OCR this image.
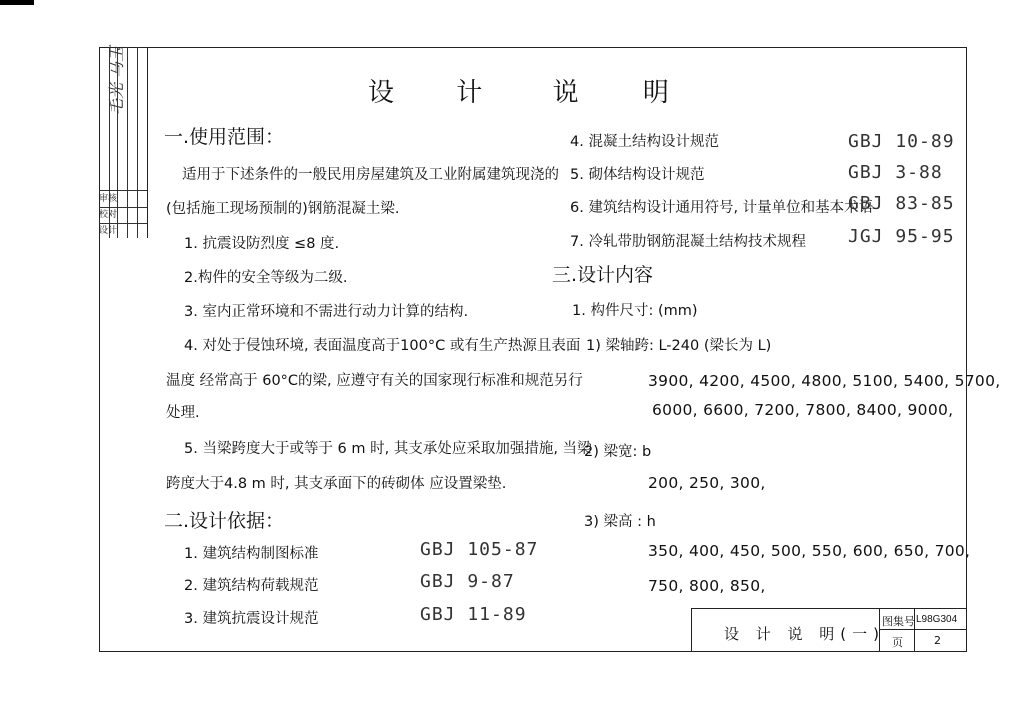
审核
校对
设计
毛光 马玉	设 计	说 明
一.使用范围：
适用于下述条件的一般民用房屋建筑及工业附属建筑现浇的
(包括施工现场预制的)钢筋混凝土梁.
1. 抗震设防烈度 ≤8 度.
2.构件的安全等级为二级.
3. 室内正常环境和不需进行动力计算的结构.
4. 对处于侵蚀环境, 表面温度高于100°C 或有生产热源且表面
温度 经常高于 60°C的梁, 应遵守有关的国家现行标准和规范另行
处理.
5. 当梁跨度大于或等于 6 m 时, 其支承处应采取加强措施, 当梁
跨度大于4.8 m 时, 其支承面下的砖砌体 应设置梁垫.
二.设计依据：
1. 建筑结构制图标准	GBJ 105-87
2. 建筑结构荷载规范	GBJ 9-87
3. 建筑抗震设计规范	GBJ 11-89
4. 混凝土结构设计规范	GBJ 10-89
5. 砌体结构设计规范	GBJ 3-88
6. 建筑结构设计通用符号, 计量单位和基本术语
GBJ 83-85
7. 冷轧带肋钢筋混凝土结构技术规程 JGJ 95-95
三.设计内容
1. 构件尺寸: (mm)
1) 梁轴跨: L-240 (梁长为 L)
3900, 4200, 4500, 4800, 5100, 5400, 5700,
6000, 6600, 7200, 7800, 8400, 9000,
2) 梁宽: b
200, 250, 300,
3) 梁高 : h
350, 400, 450, 500, 550, 600, 650, 700,
750, 800, 850,
设 计 说 明(一)
图集号 L98G304
页	2
